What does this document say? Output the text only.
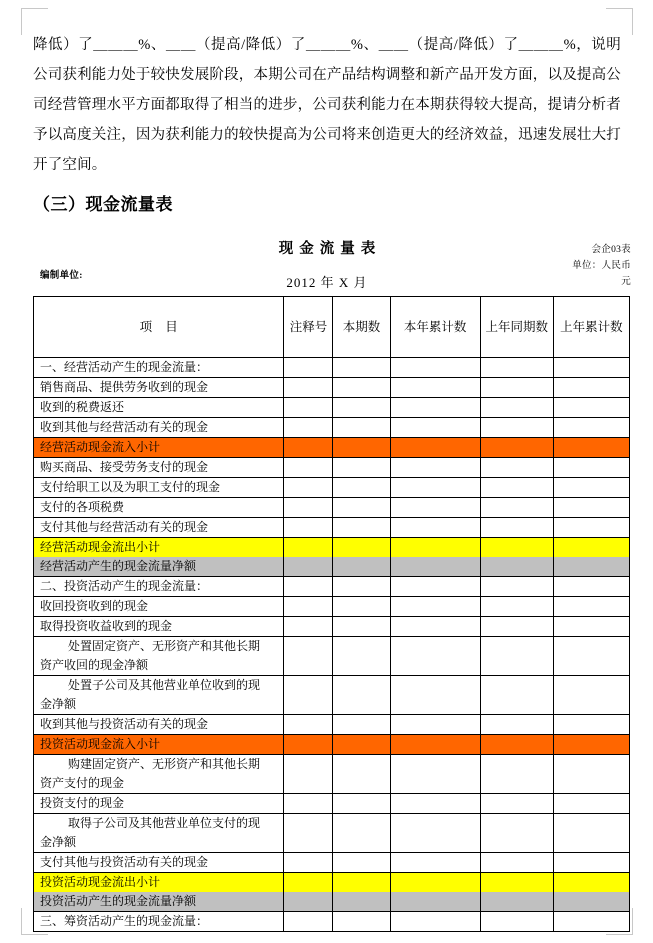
降低）了＿＿＿%、＿＿（提高/降低）了＿＿＿%、＿＿（提高/降低）了＿＿＿%，说明公司获利能力处于较快发展阶段，本期公司在产品结构调整和新产品开发方面，以及提高公司经营管理水平方面都取得了相当的进步，公司获利能力在本期获得较大提高，提请分析者予以高度关注，因为获利能力的较快提高为公司将来创造更大的经济效益，迅速发展壮大打开了空间。

（三）现金流量表
现金流量表
2012 年 X 月
会企03表
单位：人民币
元
编制单位:
项 目	注释号	本期数	本年累计数	上年同期数	上年累计数
一、经营活动产生的现金流量：					
销售商品、提供劳务收到的现金					
收到的税费返还					
收到其他与经营活动有关的现金					
经营活动现金流入小计					
购买商品、接受劳务支付的现金					
支付给职工以及为职工支付的现金					
支付的各项税费					
支付其他与经营活动有关的现金					
经营活动现金流出小计					
经营活动产生的现金流量净额					
二、投资活动产生的现金流量：					
收回投资收到的现金					
取得投资收益收到的现金					

处置固定资产、无形资产和其他长期
资产收回的现金净额					

处置子公司及其他营业单位收到的现
金净额					

收到其他与投资活动有关的现金					
投资活动现金流入小计					

购建固定资产、无形资产和其他长期
资产支付的现金					

投资支付的现金					

取得子公司及其他营业单位支付的现
金净额					

支付其他与投资活动有关的现金					
投资活动现金流出小计					
投资活动产生的现金流量净额					
三、筹资活动产生的现金流量：					
